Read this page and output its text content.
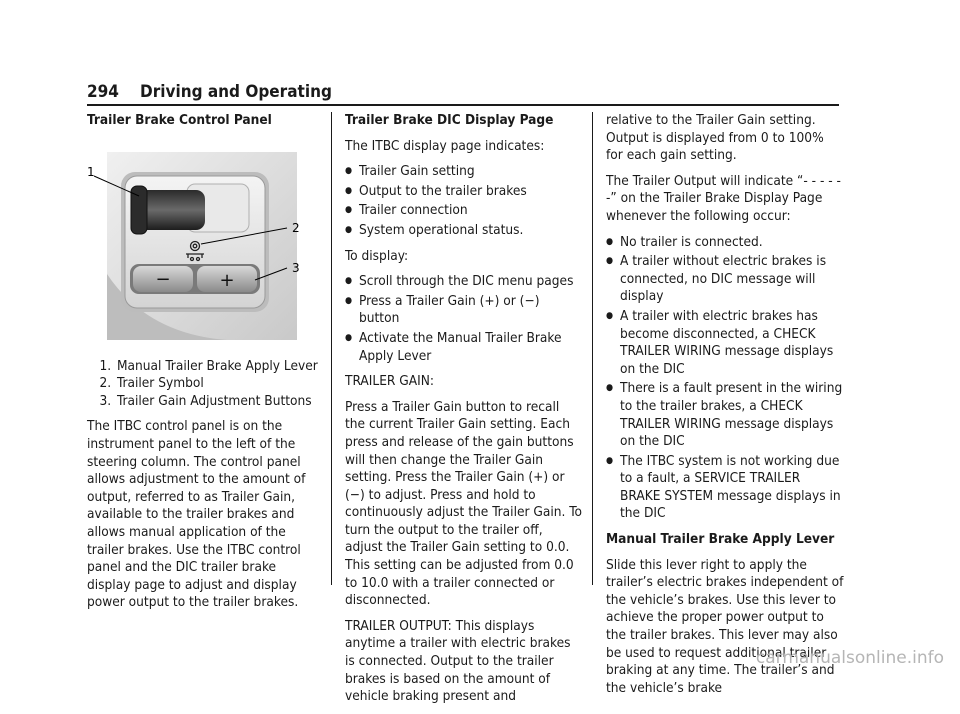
294 Driving and Operating
Trailer Brake Control Panel
−	+
1
2
3
1. Manual Trailer Brake Apply Lever
2. Trailer Symbol
3. Trailer Gain Adjustment Buttons

The ITBC control panel is on the instrument panel to the left of the steering column. The control panel allows adjustment to the amount of output, referred to as Trailer Gain, available to the trailer brakes and allows manual application of the trailer brakes. Use the ITBC control panel and the DIC trailer brake display page to adjust and display power output to the trailer brakes.

Trailer Brake DIC Display Page

The ITBC display page indicates:

● Trailer Gain setting
● Output to the trailer brakes
● Trailer connection
● System operational status.

To display:

● Scroll through the DIC menu pages
● Press a Trailer Gain (+) or (−) button
● Activate the Manual Trailer Brake Apply Lever

TRAILER GAIN:

Press a Trailer Gain button to recall the current Trailer Gain setting. Each press and release of the gain buttons will then change the Trailer Gain setting. Press the Trailer Gain (+) or (−) to adjust. Press and hold to continuously adjust the Trailer Gain. To turn the output to the trailer off, adjust the Trailer Gain setting to 0.0. This setting can be adjusted from 0.0 to 10.0 with a trailer connected or disconnected.

TRAILER OUTPUT: This displays anytime a trailer with electric brakes is connected. Output to the trailer brakes is based on the amount of vehicle braking present and

relative to the Trailer Gain setting. Output is displayed from 0 to 100% for each gain setting.

The Trailer Output will indicate “- - - - - -” on the Trailer Brake Display Page whenever the following occur:

● No trailer is connected.
● A trailer without electric brakes is connected, no DIC message will display
● A trailer with electric brakes has become disconnected, a CHECK TRAILER WIRING message displays on the DIC
● There is a fault present in the wiring to the trailer brakes, a CHECK TRAILER WIRING message displays on the DIC
● The ITBC system is not working due to a fault, a SERVICE TRAILER BRAKE SYSTEM message displays in the DIC
Manual Trailer Brake Apply Lever

Slide this lever right to apply the trailer’s electric brakes independent of the vehicle’s brakes. Use this lever to achieve the proper power output to the trailer brakes. This lever may also be used to request additional trailer braking at any time. The trailer’s and the vehicle’s brake

carmanualsonline.info
